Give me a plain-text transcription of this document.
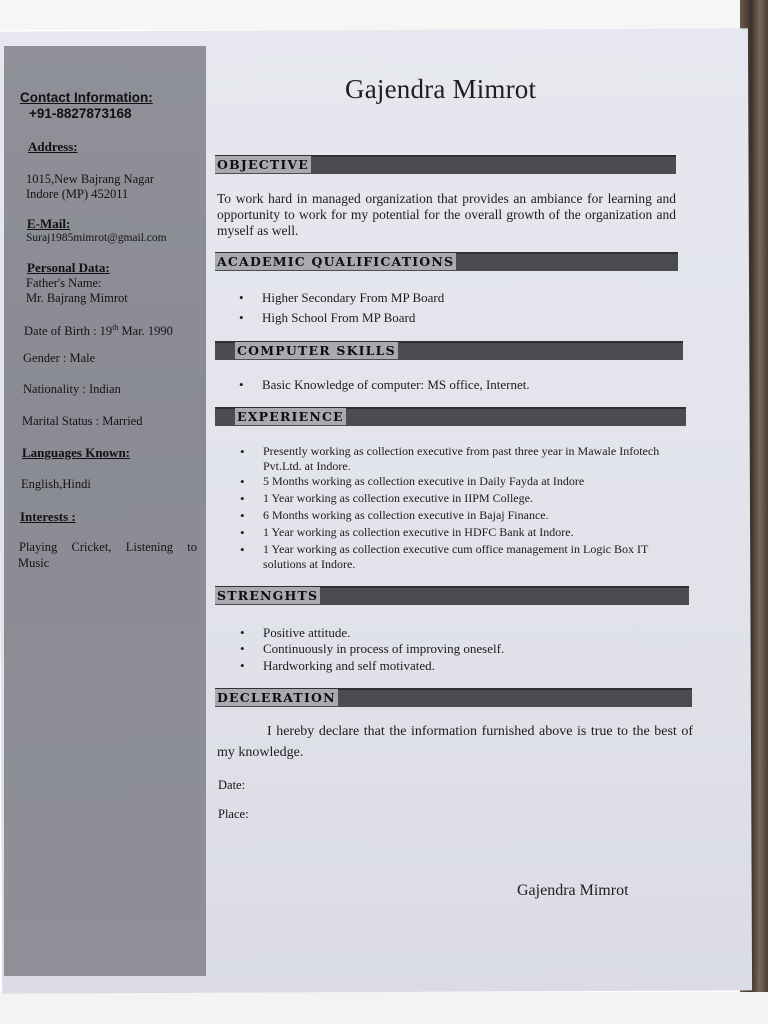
Contact Information:
+91-8827873168
Address:
1015,New Bajrang Nagar
Indore (MP) 452011
E-Mail:
Suraj1985mimrot@gmail.com
Personal Data:
Father's Name:
Mr. Bajrang Mimrot
Date of Birth : 19th Mar. 1990
Gender : Male
Nationality : Indian
Marital Status : Married
Languages Known:
English,Hindi
Interests :
Playing Cricket, Listening to
Music
Gajendra Mimrot
OBJECTIVE
To work hard in managed organization that provides an ambiance for learning and opportunity to work for my potential for the overall growth of the organization and myself as well.
ACADEMIC QUALIFICATIONS
• Higher Secondary From MP Board
• High School From MP Board
COMPUTER SKILLS
• Basic Knowledge of computer: MS office, Internet.
EXPERIENCE
• Presently working as collection executive from past three year in Mawale Infotech Pvt.Ltd. at Indore.
• 5 Months working as collection executive in Daily Fayda at Indore
• 1 Year working as collection executive in IIPM College.
• 6 Months working as collection executive in Bajaj Finance.
• 1 Year working as collection executive in HDFC Bank at Indore.
• 1 Year working as collection executive cum office management in Logic Box IT solutions at Indore.
STRENGHTS
• Positive attitude.
• Continuously in process of improving oneself.
• Hardworking and self motivated.
DECLERATION
I hereby declare that the information furnished above is true to the best of my knowledge.
Date:
Place:
Gajendra Mimrot
